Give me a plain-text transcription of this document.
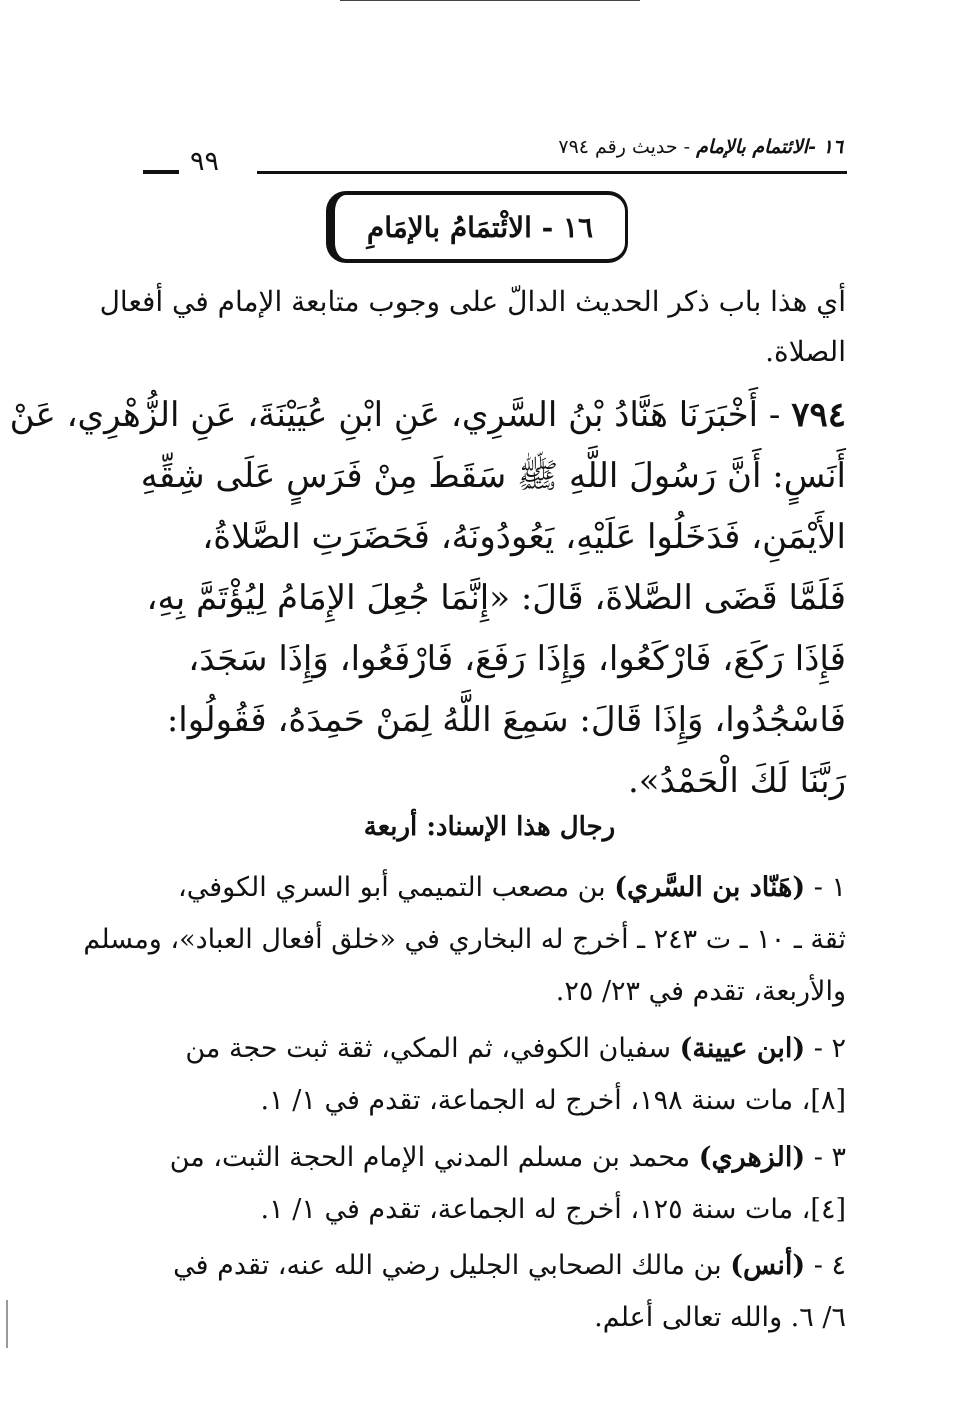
١٦ -الائتمام بالإمام - حديث رقم ٧٩٤
٩٩
١٦ - الائْتمَامُ بالإمَامِ
أي هذا باب ذكر الحديث الدالّ على وجوب متابعة الإمام في أفعال
الصلاة.
٧٩٤ - أَخْبَرَنَا هَنَّادُ بْنُ السَّرِي، عَنِ ابْنِ عُيَيْنَةَ، عَنِ الزُّهْرِي، عَنْ
أَنَسٍ: أَنَّ رَسُولَ اللَّهِ ﷺ سَقَطَ مِنْ فَرَسٍ عَلَى شِقِّهِ
الأَيْمَنِ، فَدَخَلُوا عَلَيْهِ، يَعُودُونَهُ، فَحَضَرَتِ الصَّلاةُ،
فَلَمَّا قَضَى الصَّلاةَ، قَالَ: «إِنَّمَا جُعِلَ الإِمَامُ لِيُؤْتَمَّ بِهِ،
فَإِذَا رَكَعَ، فَارْكَعُوا، وَإِذَا رَفَعَ، فَارْفَعُوا، وَإِذَا سَجَدَ،
فَاسْجُدُوا، وَإِذَا قَالَ: سَمِعَ اللَّهُ لِمَنْ حَمِدَهُ، فَقُولُوا:
رَبَّنَا لَكَ الْحَمْدُ».
رجال هذا الإسناد: أربعة
١ - (هَنّاد بن السَّري) بن مصعب التميمي أبو السري الكوفي،
ثقة ـ ١٠ ـ ت ٢٤٣ ـ أخرج له البخاري في «خلق أفعال العباد»، ومسلم
والأربعة، تقدم في ٢٣/ ٢٥.
٢ - (ابن عيينة) سفيان الكوفي، ثم المكي، ثقة ثبت حجة من
[٨]، مات سنة ١٩٨، أخرج له الجماعة، تقدم في ١/ ١.
٣ - (الزهري) محمد بن مسلم المدني الإمام الحجة الثبت، من
[٤]، مات سنة ١٢٥، أخرج له الجماعة، تقدم في ١/ ١.
٤ - (أنس) بن مالك الصحابي الجليل رضي الله عنه، تقدم في
٦/ ٦. والله تعالى أعلم.
